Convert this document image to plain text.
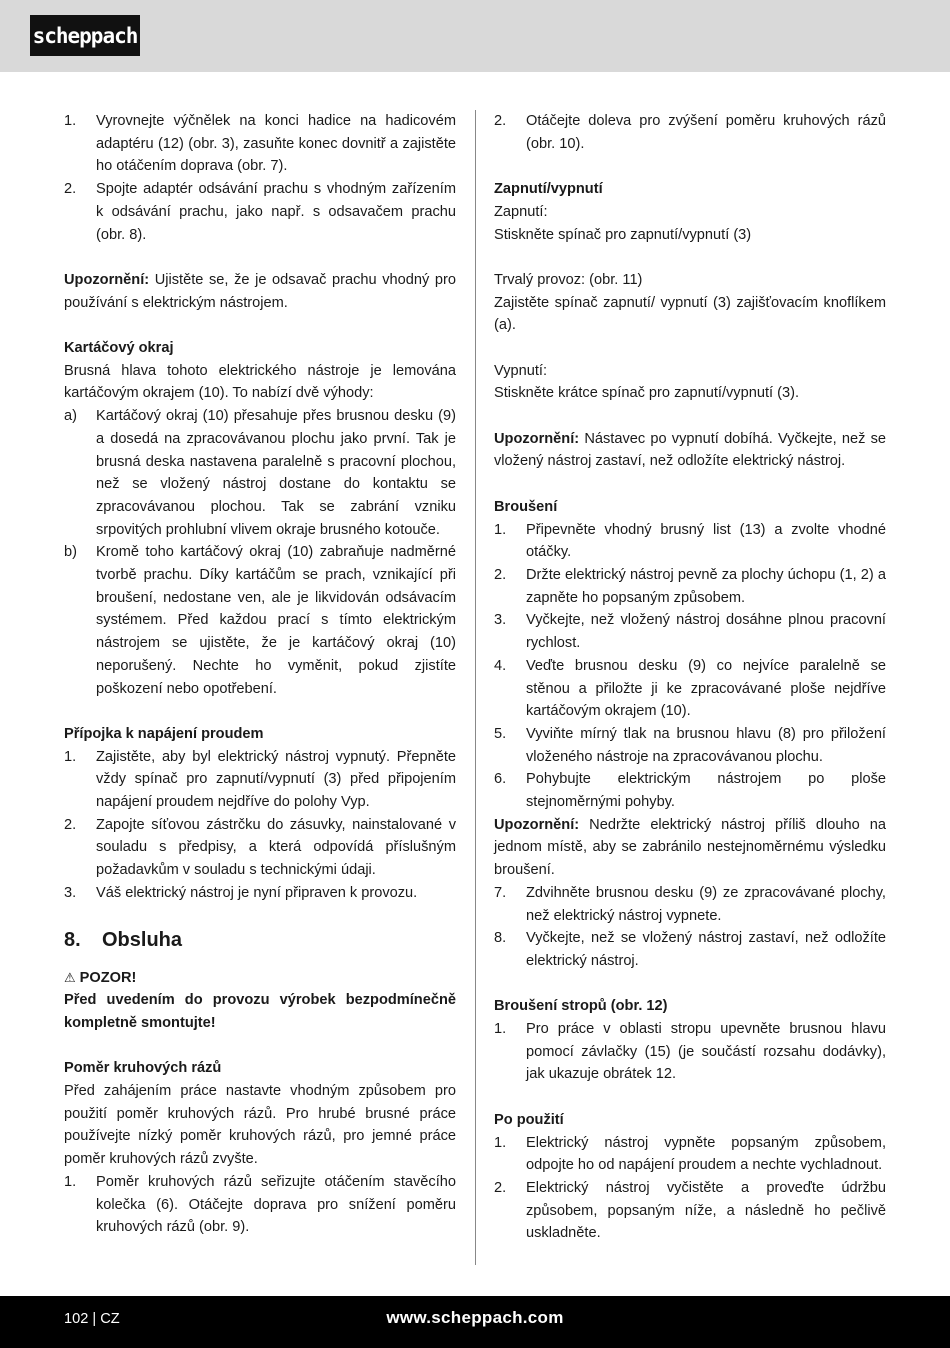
scheppach
1.	Vyrovnejte výčnělek na konci hadice na hadicovém adaptéru (12) (obr. 3), zasuňte konec dovnitř a zajistěte ho otáčením doprava (obr. 7).
2.	Spojte adaptér odsávání prachu s vhodným zařízením k odsávání prachu, jako např. s odsavačem prachu (obr. 8).

Upozornění: Ujistěte se, že je odsavač prachu vhodný pro používání s elektrickým nástrojem.

Kartáčový okraj

Brusná hlava tohoto elektrického nástroje je lemována kartáčovým okrajem (10). To nabízí dvě výhody:

a)	Kartáčový okraj (10) přesahuje přes brusnou desku (9) a dosedá na zpracovávanou plochu jako první. Tak je brusná deska nastavena paralelně s pracovní plochou, než se vložený nástroj dostane do kontaktu se zpracovávanou plochou. Tak se zabrání vzniku srpovitých prohlubní vlivem okraje brusného kotouče.
b)	Kromě toho kartáčový okraj (10) zabraňuje nadměrné tvorbě prachu. Díky kartáčům se prach, vznikající při broušení, nedostane ven, ale je likvidován odsávacím systémem. Před každou prací s tímto elektrickým nástrojem se ujistěte, že je kartáčový okraj (10) neporušený. Nechte ho vyměnit, pokud zjistíte poškození nebo opotřebení.

Přípojka k napájení proudem

1.	Zajistěte, aby byl elektrický nástroj vypnutý. Přepněte vždy spínač pro zapnutí/vypnutí (3) před připojením napájení proudem nejdříve do polohy Vyp.
2.	Zapojte síťovou zástrčku do zásuvky, nainstalované v souladu s předpisy, a která odpovídá příslušným požadavkům v souladu s technickými údaji.
3.	Váš elektrický nástroj je nyní připraven k provozu.
8.	Obsluha
⚠ POZOR!

Před uvedením do provozu výrobek bezpodmínečně kompletně smontujte!

Poměr kruhových rázů

Před zahájením práce nastavte vhodným způsobem pro použití poměr kruhových rázů. Pro hrubé brusné práce používejte nízký poměr kruhových rázů, pro jemné práce poměr kruhových rázů zvyšte.

1.	Poměr kruhových rázů seřizujte otáčením stavěcího kolečka (6). Otáčejte doprava pro snížení poměru kruhových rázů (obr. 9).
2.	Otáčejte doleva pro zvýšení poměru kruhových rázů (obr. 10).

Zapnutí/vypnutí

Zapnutí:

Stiskněte spínač pro zapnutí/vypnutí (3)

Trvalý provoz: (obr. 11)

Zajistěte spínač zapnutí/ vypnutí (3) zajišťovacím knoflíkem (a).

Vypnutí:

Stiskněte krátce spínač pro zapnutí/vypnutí (3).

Upozornění: Nástavec po vypnutí dobíhá. Vyčkejte, než se vložený nástroj zastaví, než odložíte elektrický nástroj.

Broušení

1.	Připevněte vhodný brusný list (13) a zvolte vhodné otáčky.
2.	Držte elektrický nástroj pevně za plochy úchopu (1, 2) a zapněte ho popsaným způsobem.
3.	Vyčkejte, než vložený nástroj dosáhne plnou pracovní rychlost.
4.	Veďte brusnou desku (9) co nejvíce paralelně se stěnou a přiložte ji ke zpracovávané ploše nejdříve kartáčovým okrajem (10).
5.	Vyviňte mírný tlak na brusnou hlavu (8) pro přiložení vloženého nástroje na zpracovávanou plochu.
6.	Pohybujte elektrickým nástrojem po ploše stejnoměrnými pohyby.

Upozornění: Nedržte elektrický nástroj příliš dlouho na jednom místě, aby se zabránilo nestejnoměrnému výsledku broušení.

7.	Zdvihněte brusnou desku (9) ze zpracovávané plochy, než elektrický nástroj vypnete.
8.	Vyčkejte, než se vložený nástroj zastaví, než odložíte elektrický nástroj.

Broušení stropů (obr. 12)

1.	Pro práce v oblasti stropu upevněte brusnou hlavu pomocí závlačky (15) (je součástí rozsahu dodávky), jak ukazuje obrátek 12.

Po použití

1.	Elektrický nástroj vypněte popsaným způsobem, odpojte ho od napájení proudem a nechte vychladnout.
2.	Elektrický nástroj vyčistěte a proveďte údržbu způsobem, popsaným níže, a následně ho pečlivě uskladněte.
102 | CZ	www.scheppach.com
